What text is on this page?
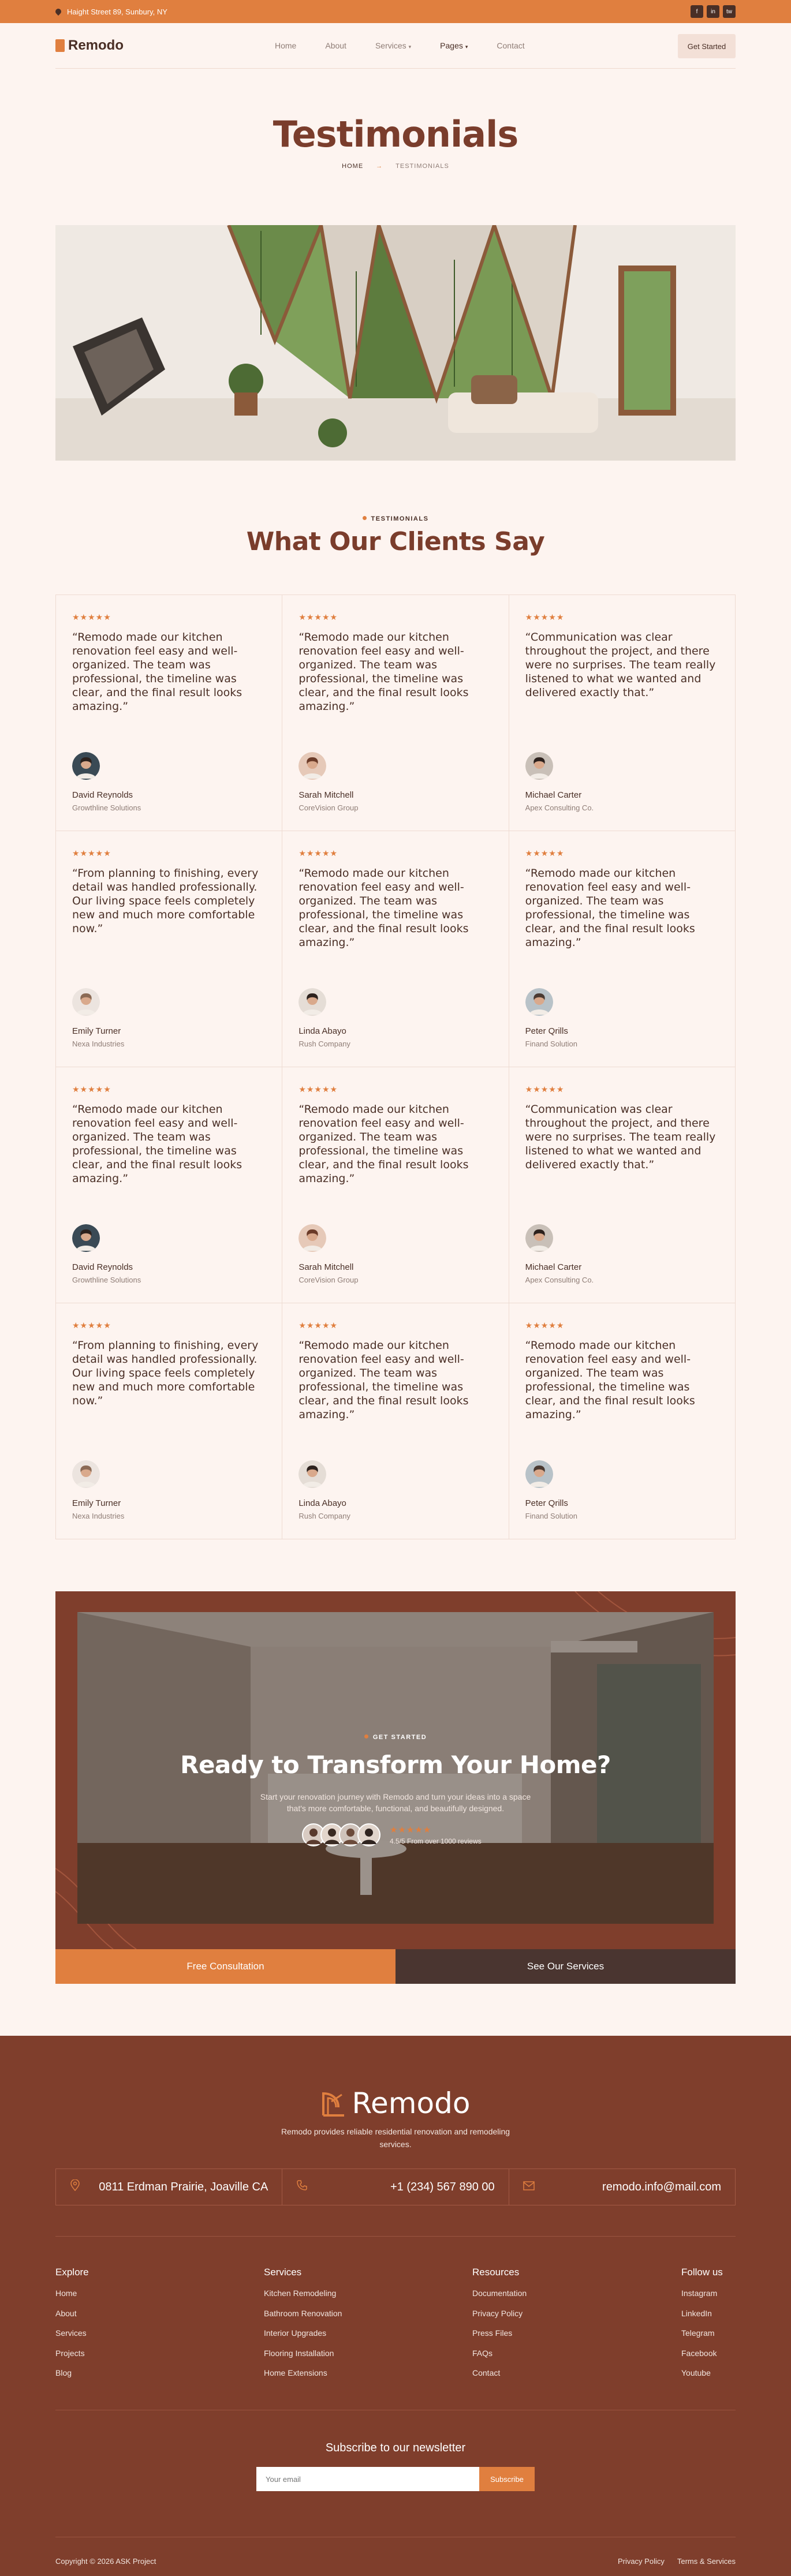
Haight Street 89, Sunbury, NY	f	in	tw
Remodo	Home	About	Services ▾	Pages ▾	Contact	Get Started
Testimonials
HOME → TESTIMONIALS
TESTIMONIALS
What Our Clients Say
★★★★★
“Remodo made our kitchen renovation feel easy and well-organized. The team was professional, the timeline was clear, and the final result looks amazing.”
David Reynolds
Growthline Solutions
★★★★★
“Remodo made our kitchen renovation feel easy and well-organized. The team was professional, the timeline was clear, and the final result looks amazing.”
Sarah Mitchell
CoreVision Group
★★★★★
“Communication was clear throughout the project, and there were no surprises. The team really listened to what we wanted and delivered exactly that.”
Michael Carter
Apex Consulting Co.
★★★★★
“From planning to finishing, every detail was handled professionally. Our living space feels completely new and much more comfortable now.”
Emily Turner
Nexa Industries
★★★★★
“Remodo made our kitchen renovation feel easy and well-organized. The team was professional, the timeline was clear, and the final result looks amazing.”
Linda Abayo
Rush Company
★★★★★
“Remodo made our kitchen renovation feel easy and well-organized. The team was professional, the timeline was clear, and the final result looks amazing.”
Peter Qrills
Finand Solution
★★★★★
“Remodo made our kitchen renovation feel easy and well-organized. The team was professional, the timeline was clear, and the final result looks amazing.”
David Reynolds
Growthline Solutions
★★★★★
“Remodo made our kitchen renovation feel easy and well-organized. The team was professional, the timeline was clear, and the final result looks amazing.”
Sarah Mitchell
CoreVision Group
★★★★★
“Communication was clear throughout the project, and there were no surprises. The team really listened to what we wanted and delivered exactly that.”
Michael Carter
Apex Consulting Co.
★★★★★
“From planning to finishing, every detail was handled professionally. Our living space feels completely new and much more comfortable now.”
Emily Turner
Nexa Industries
★★★★★
“Remodo made our kitchen renovation feel easy and well-organized. The team was professional, the timeline was clear, and the final result looks amazing.”
Linda Abayo
Rush Company
★★★★★
“Remodo made our kitchen renovation feel easy and well-organized. The team was professional, the timeline was clear, and the final result looks amazing.”
Peter Qrills
Finand Solution
GET STARTED
Ready to Transform Your Home?
Start your renovation journey with Remodo and turn your ideas into a space that's more comfortable, functional, and beautifully designed.
★★★★★
4.5/5 From over 1000 reviews
Free Consultation	See Our Services
Remodo
Remodo provides reliable residential renovation and remodeling services.
0811 Erdman Prairie, Joaville CA	+1 (234) 567 890 00	remodo.info@mail.com
Explore
Home
About
Services
Projects
Blog
Services
Kitchen Remodeling
Bathroom Renovation
Interior Upgrades
Flooring Installation
Home Extensions
Resources
Documentation
Privacy Policy
Press Files
FAQs
Contact
Follow us
Instagram
LinkedIn
Telegram
Facebook
Youtube
Subscribe to our newsletter
Your email
Subscribe
Copyright © 2026 ASK Project	Privacy Policy Terms & Services
